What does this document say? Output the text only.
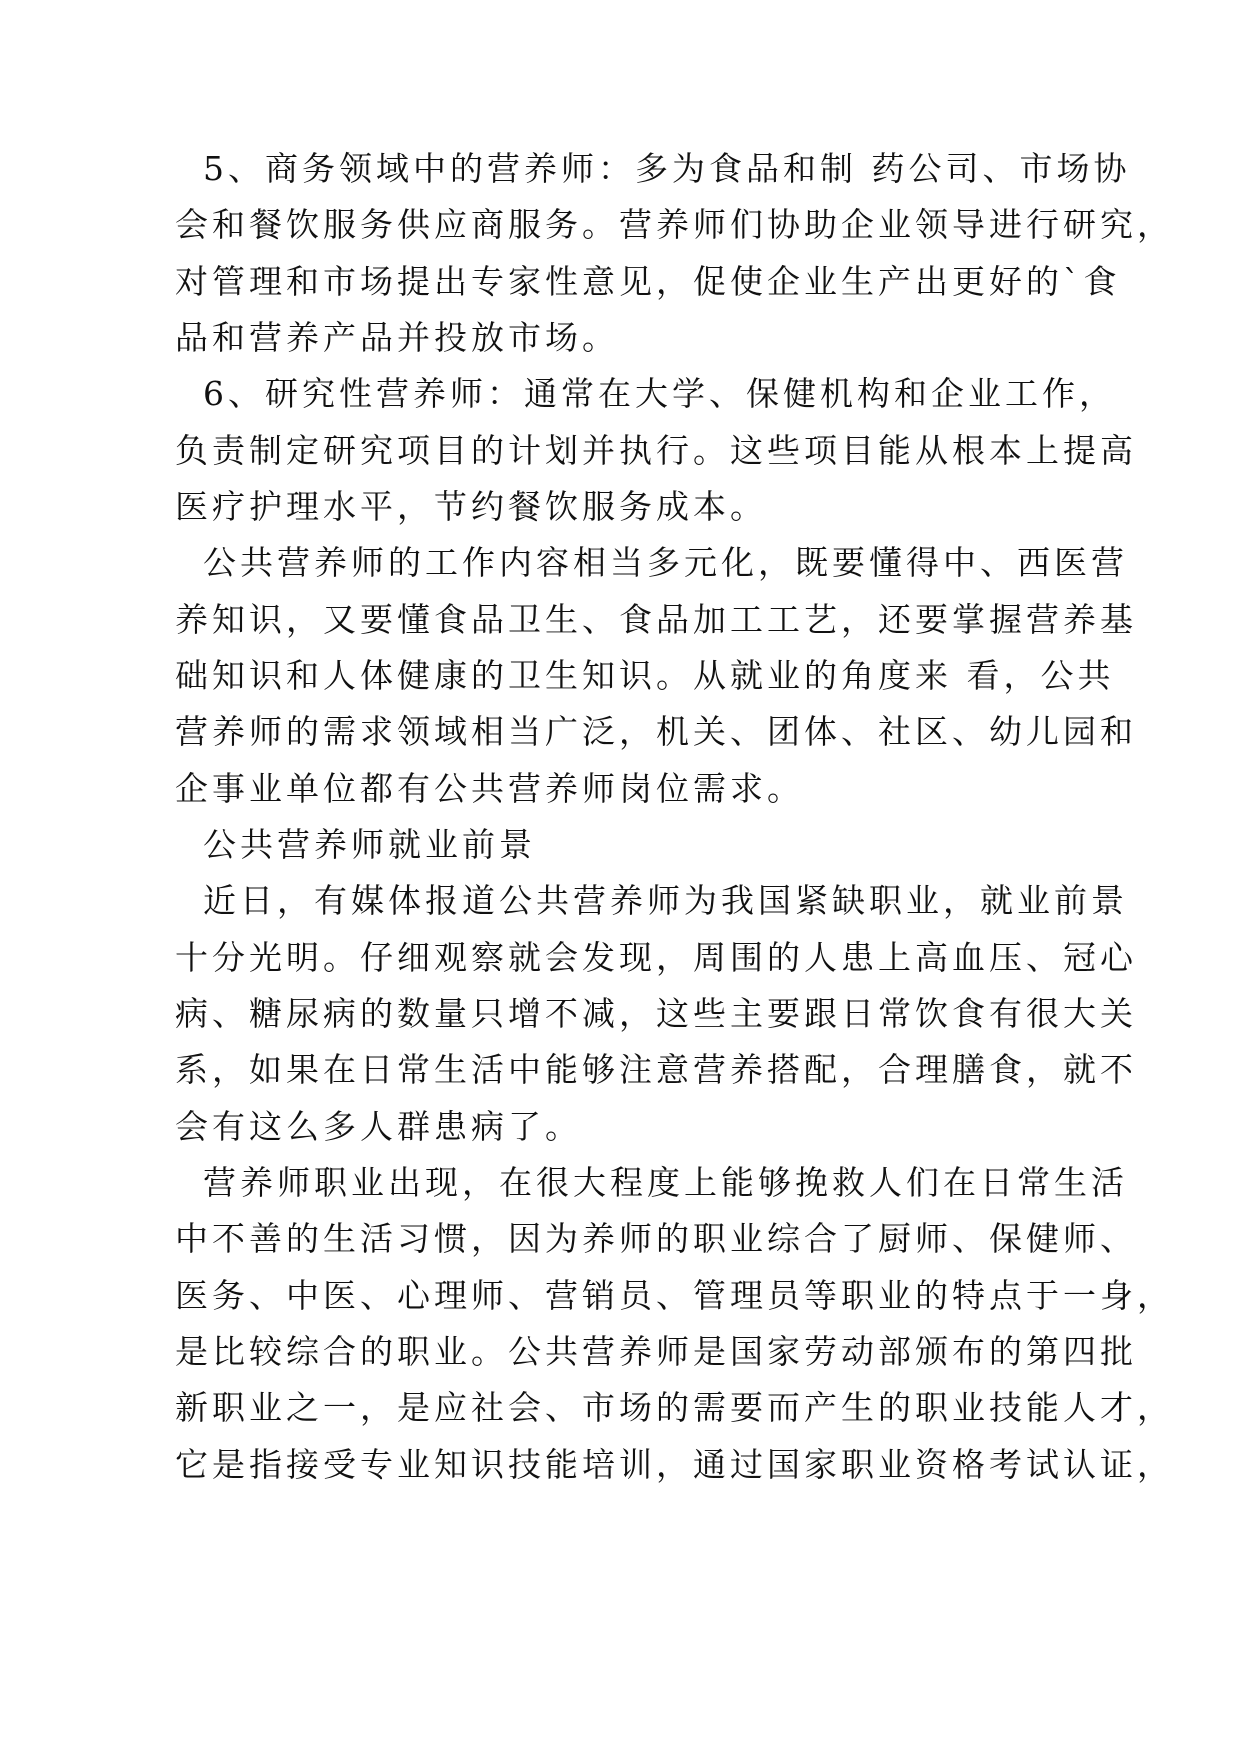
5、商务领域中的营养师：多为食品和制 药公司、市场协
会和餐饮服务供应商服务。营养师们协助企业领导进行研究，
对管理和市场提出专家性意见，促使企业生产出更好的`食
品和营养产品并投放市场。
6、研究性营养师：通常在大学、保健机构和企业工作，
负责制定研究项目的计划并执行。这些项目能从根本上提高
医疗护理水平，节约餐饮服务成本。
公共营养师的工作内容相当多元化，既要懂得中、西医营
养知识，又要懂食品卫生、食品加工工艺，还要掌握营养基
础知识和人体健康的卫生知识。从就业的角度来 看，公共
营养师的需求领域相当广泛，机关、团体、社区、幼儿园和
企事业单位都有公共营养师岗位需求。
公共营养师就业前景
近日，有媒体报道公共营养师为我国紧缺职业，就业前景
十分光明。仔细观察就会发现，周围的人患上高血压、冠心
病、糖尿病的数量只增不减，这些主要跟日常饮食有很大关
系，如果在日常生活中能够注意营养搭配，合理膳食，就不
会有这么多人群患病了。
营养师职业出现，在很大程度上能够挽救人们在日常生活
中不善的生活习惯，因为养师的职业综合了厨师、保健师、
医务、中医、心理师、营销员、管理员等职业的特点于一身，
是比较综合的职业。公共营养师是国家劳动部颁布的第四批
新职业之一，是应社会、市场的需要而产生的职业技能人才，
它是指接受专业知识技能培训，通过国家职业资格考试认证，
